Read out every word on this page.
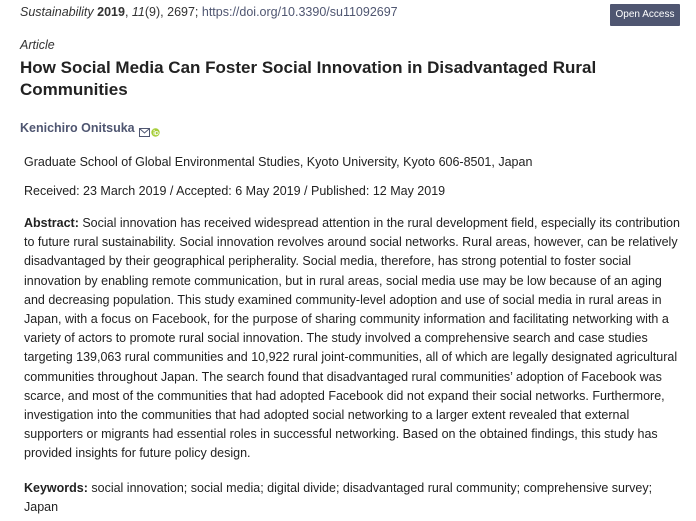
Sustainability 2019, 11(9), 2697; https://doi.org/10.3390/su11092697	Open Access
Article
How Social Media Can Foster Social Innovation in Disadvantaged Rural Communities
Kenichiro Onitsuka
Graduate School of Global Environmental Studies, Kyoto University, Kyoto 606-8501, Japan
Received: 23 March 2019 / Accepted: 6 May 2019 / Published: 12 May 2019

Abstract: Social innovation has received widespread attention in the rural development field, especially its contribution to future rural sustainability. Social innovation revolves around social networks. Rural areas, however, can be relatively disadvantaged by their geographical peripherality. Social media, therefore, has strong potential to foster social innovation by enabling remote communication, but in rural areas, social media use may be low because of an aging and decreasing population. This study examined community-level adoption and use of social media in rural areas in Japan, with a focus on Facebook, for the purpose of sharing community information and facilitating networking with a variety of actors to promote rural social innovation. The study involved a comprehensive search and case studies targeting 139,063 rural communities and 10,922 rural joint-communities, all of which are legally designated agricultural communities throughout Japan. The search found that disadvantaged rural communities’ adoption of Facebook was scarce, and most of the communities that had adopted Facebook did not expand their social networks. Furthermore, investigation into the communities that had adopted social networking to a larger extent revealed that external supporters or migrants had essential roles in successful networking. Based on the obtained findings, this study has provided insights for future policy design.

Keywords: social innovation; social media; digital divide; disadvantaged rural community; comprehensive survey; Japan
